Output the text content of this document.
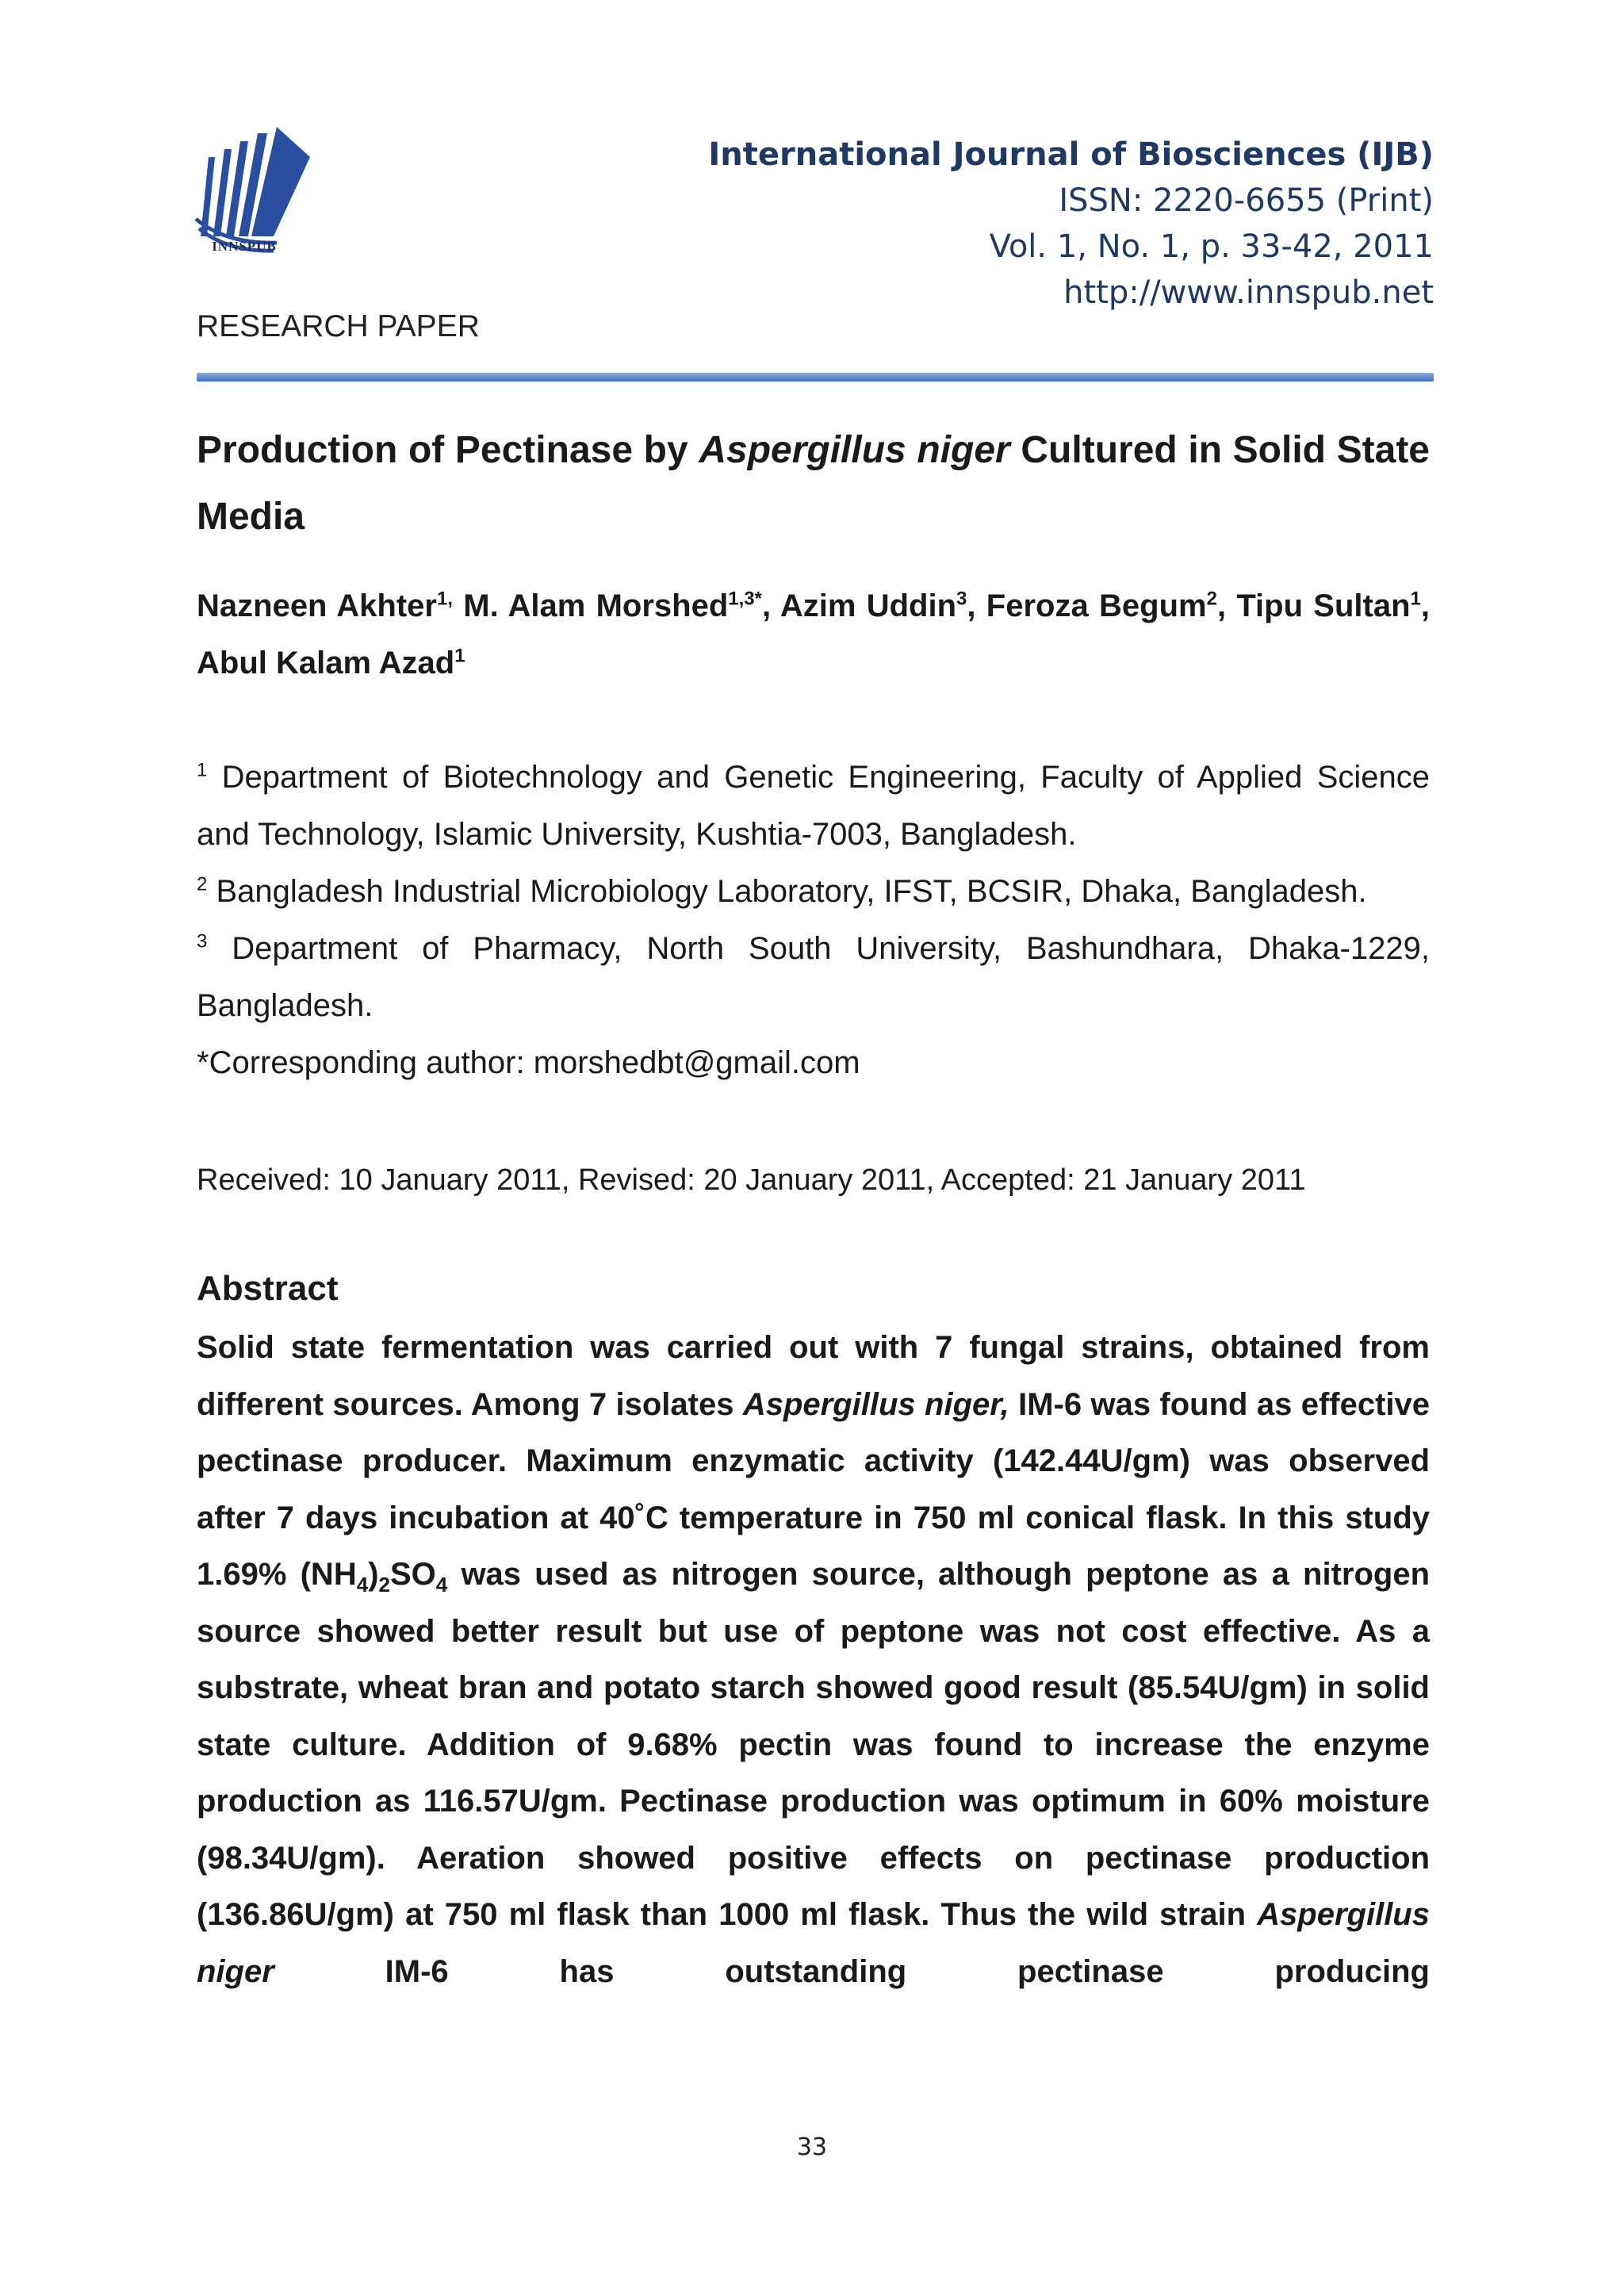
INNSPUB
International Journal of Biosciences (IJB)
ISSN: 2220-6655 (Print)
Vol. 1, No. 1, p. 33-42, 2011
http://www.innspub.net
RESEARCH PAPER
Production of Pectinase by Aspergillus niger Cultured in Solid State Media
Nazneen Akhter$^{1,}$ M. Alam Morshed$^{1,3*}$, Azim Uddin$^3$, Feroza Begum$^2$, Tipu Sultan$^1$, Abul Kalam Azad$^1$

$^1$ Department of Biotechnology and Genetic Engineering, Faculty of Applied Science and Technology, Islamic University, Kushtia-7003, Bangladesh.

$^2$ Bangladesh Industrial Microbiology Laboratory, IFST, BCSIR, Dhaka, Bangladesh.

$^3$ Department of Pharmacy, North South University, Bashundhara, Dhaka-1229, Bangladesh.

*Corresponding author: morshedbt@gmail.com

Received: 10 January 2011, Revised: 20 January 2011, Accepted: 21 January 2011
Abstract

Solid state fermentation was carried out with 7 fungal strains, obtained from different sources. Among 7 isolates Aspergillus niger, IM-6 was found as effective pectinase producer. Maximum enzymatic activity (142.44U/gm) was observed after 7 days incubation at 40˚C temperature in 750 ml conical flask. In this study 1.69% $(NH_4)_2SO_4$ was used as nitrogen source, although peptone as a nitrogen source showed better result but use of peptone was not cost effective. As a substrate, wheat bran and potato starch showed good result (85.54U/gm) in solid state culture. Addition of 9.68% pectin was found to increase the enzyme production as 116.57U/gm. Pectinase production was optimum in 60% moisture (98.34U/gm). Aeration showed positive effects on pectinase production (136.86U/gm) at 750 ml flask than 1000 ml flask. Thus the wild strain Aspergillus niger IM-6 has outstanding pectinase producing

33
